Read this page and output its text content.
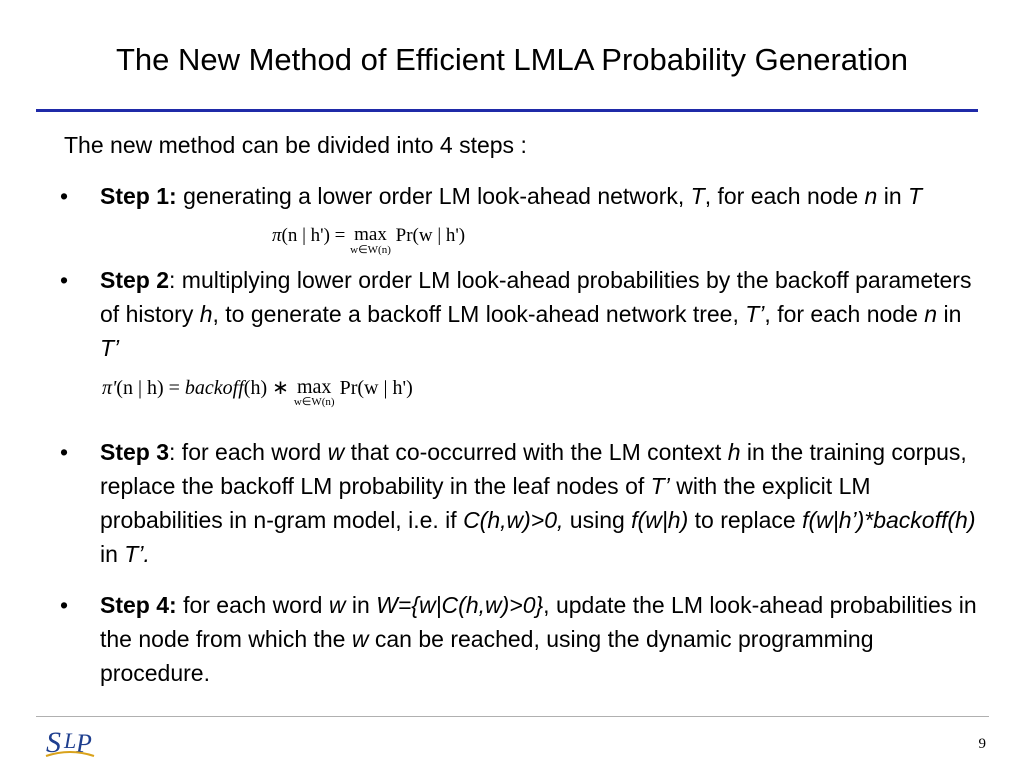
The New Method of Efficient LMLA Probability Generation
The new method can be divided into 4 steps :
• Step 1: generating a lower order LM look-ahead network, T, for each node n in T
π(n | h') = max
w∈W(n)
Pr(w | h')
• Step 2: multiplying lower order LM look-ahead probabilities by the backoff parameters of history h, to generate a backoff LM look-ahead network tree, T’, for each node n in T’
π'(n | h) = backoff(h) ∗ max
w∈W(n)
Pr(w | h')
• Step 3: for each word w that co-occurred with the LM context h in the training corpus, replace the backoff LM probability in the leaf nodes of T’ with the explicit LM probabilities in n-gram model, i.e. if C(h,w)>0, using f(w|h) to replace f(w|h’)*backoff(h) in T’.
• Step 4: for each word w in W={w|C(h,w)>0}, update the LM look-ahead probabilities in the node from which the w can be reached, using the dynamic programming procedure.
S L P	9
